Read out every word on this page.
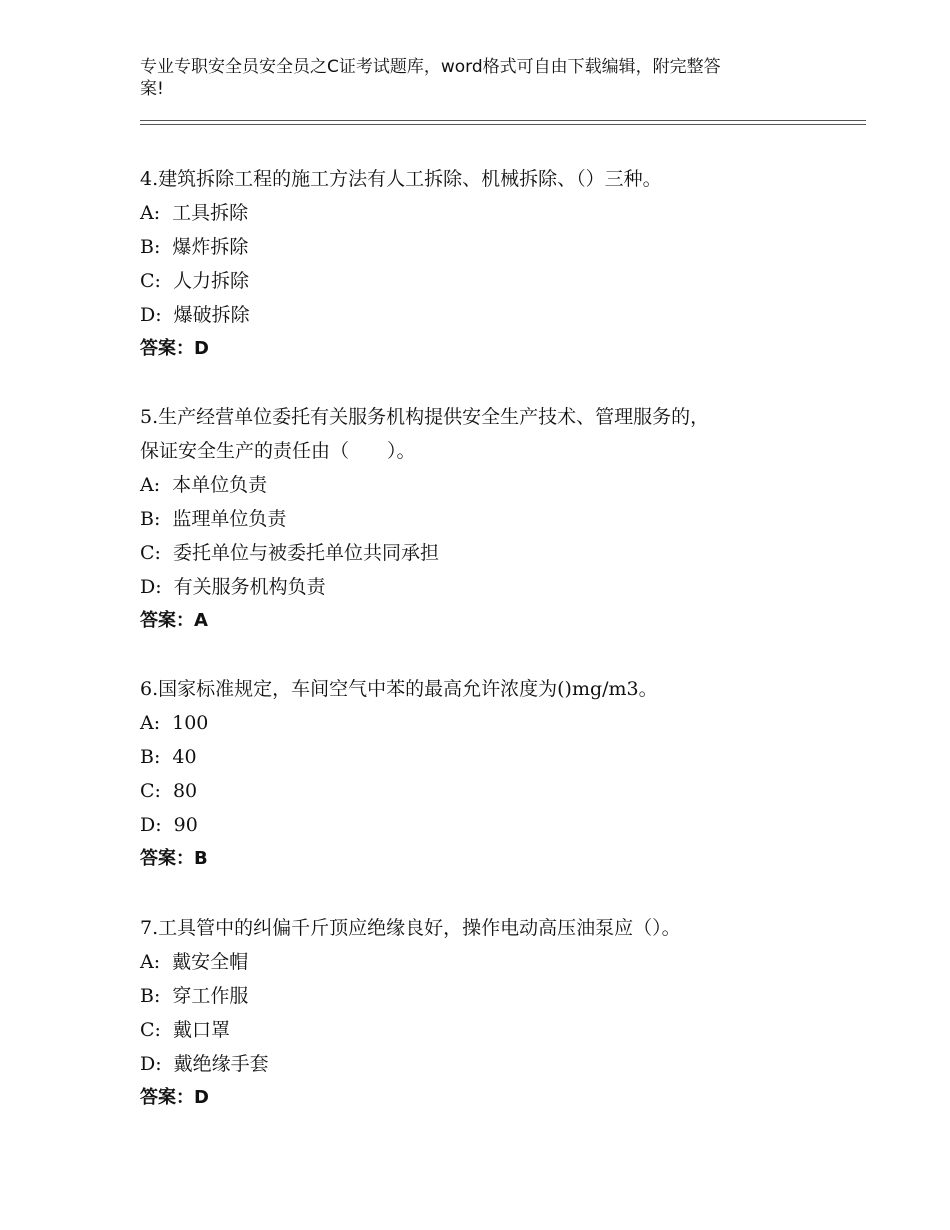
专业专职安全员安全员之C证考试题库，word格式可自由下载编辑，附完整答
案!
4.建筑拆除工程的施工方法有人工拆除、机械拆除、（）三种。
A: 工具拆除
B: 爆炸拆除
C: 人力拆除
D: 爆破拆除
答案：D
5.生产经营单位委托有关服务机构提供安全生产技术、管理服务的，
保证安全生产的责任由（　　）。
A: 本单位负责
B: 监理单位负责
C: 委托单位与被委托单位共同承担
D: 有关服务机构负责
答案：A
6.国家标准规定，车间空气中苯的最高允许浓度为()mg/m3。
A: 100
B: 40
C: 80
D: 90
答案：B
7.工具管中的纠偏千斤顶应绝缘良好，操作电动高压油泵应（）。
A: 戴安全帽
B: 穿工作服
C: 戴口罩
D: 戴绝缘手套
答案：D
